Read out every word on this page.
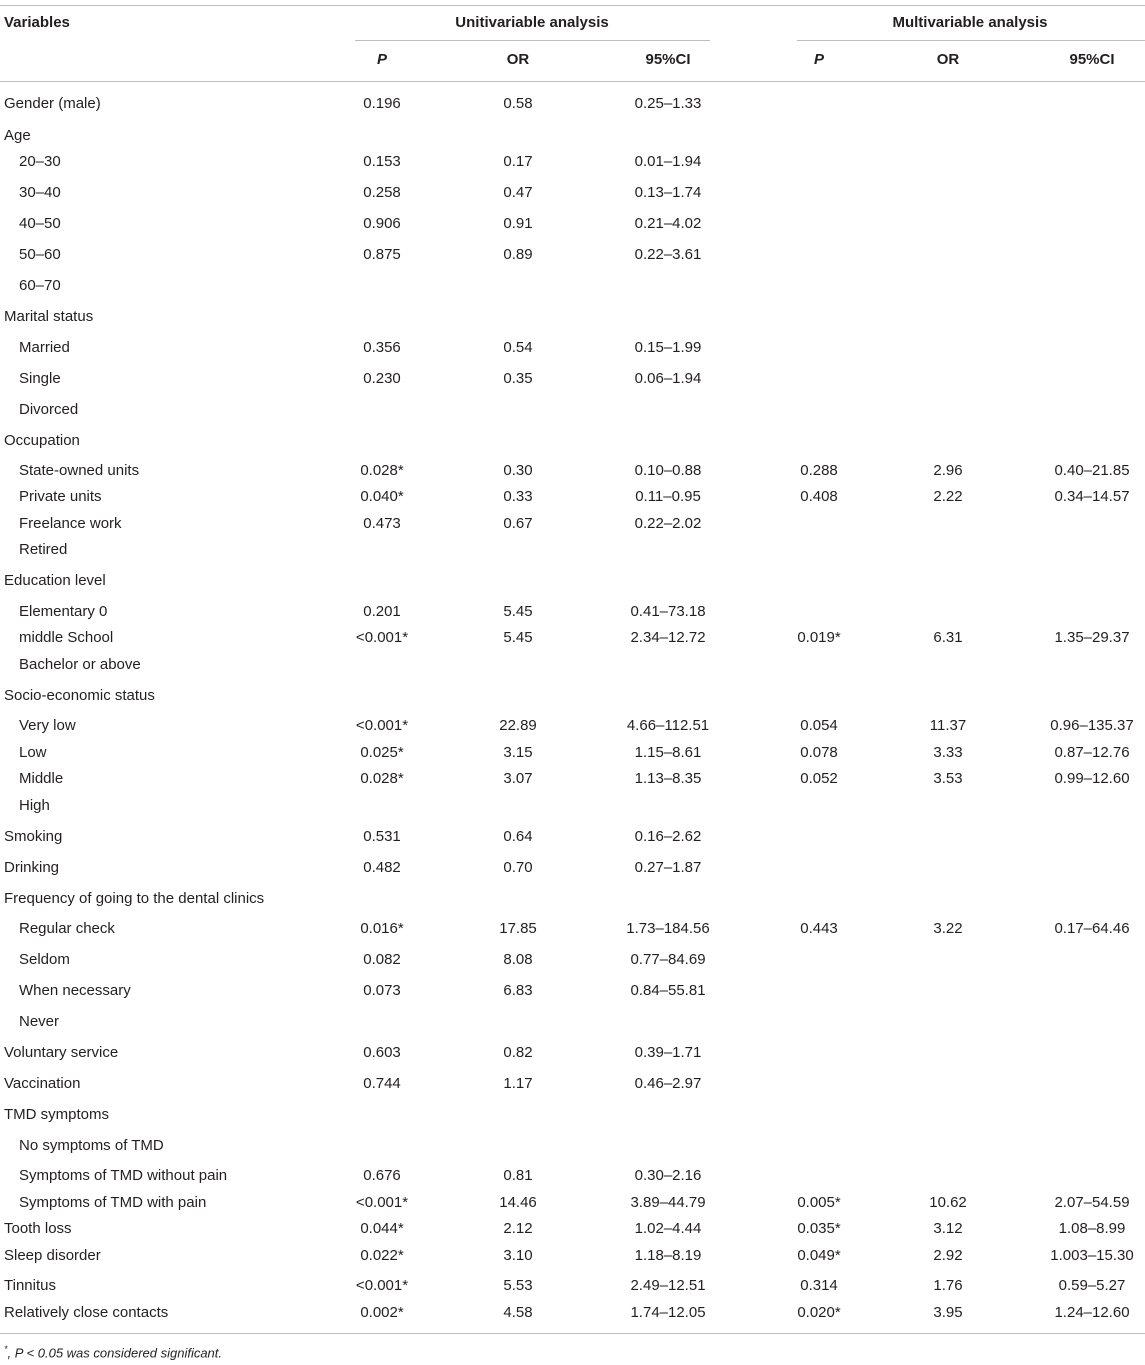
Variables	Unitivariable analysis	Multivariable analysis
P	OR	95%CI	P	OR	95%CI
Gender (male)	0.196	0.58	0.25–1.33
Age
20–30	0.153	0.17	0.01–1.94
30–40	0.258	0.47	0.13–1.74
40–50	0.906	0.91	0.21–4.02
50–60	0.875	0.89	0.22–3.61
60–70
Marital status
Married	0.356	0.54	0.15–1.99
Single	0.230	0.35	0.06–1.94
Divorced
Occupation
State-owned units	0.028*	0.30	0.10–0.88	0.288	2.96	0.40–21.85
Private units	0.040*	0.33	0.11–0.95	0.408	2.22	0.34–14.57
Freelance work	0.473	0.67	0.22–2.02
Retired
Education level
Elementary 0	0.201	5.45	0.41–73.18
middle School	<0.001*	5.45	2.34–12.72	0.019*	6.31	1.35–29.37
Bachelor or above
Socio-economic status
Very low	<0.001*	22.89	4.66–112.51	0.054	11.37	0.96–135.37
Low	0.025*	3.15	1.15–8.61	0.078	3.33	0.87–12.76
Middle	0.028*	3.07	1.13–8.35	0.052	3.53	0.99–12.60
High
Smoking	0.531	0.64	0.16–2.62
Drinking	0.482	0.70	0.27–1.87
Frequency of going to the dental clinics
Regular check	0.016*	17.85	1.73–184.56	0.443	3.22	0.17–64.46
Seldom	0.082	8.08	0.77–84.69
When necessary	0.073	6.83	0.84–55.81
Never
Voluntary service	0.603	0.82	0.39–1.71
Vaccination	0.744	1.17	0.46–2.97
TMD symptoms
No symptoms of TMD
Symptoms of TMD without pain	0.676	0.81	0.30–2.16
Symptoms of TMD with pain	<0.001*	14.46	3.89–44.79	0.005*	10.62	2.07–54.59
Tooth loss	0.044*	2.12	1.02–4.44	0.035*	3.12	1.08–8.99
Sleep disorder	0.022*	3.10	1.18–8.19	0.049*	2.92	1.003–15.30
Tinnitus	<0.001*	5.53	2.49–12.51	0.314	1.76	0.59–5.27
Relatively close contacts	0.002*	4.58	1.74–12.05	0.020*	3.95	1.24–12.60
*, P < 0.05 was considered significant.
